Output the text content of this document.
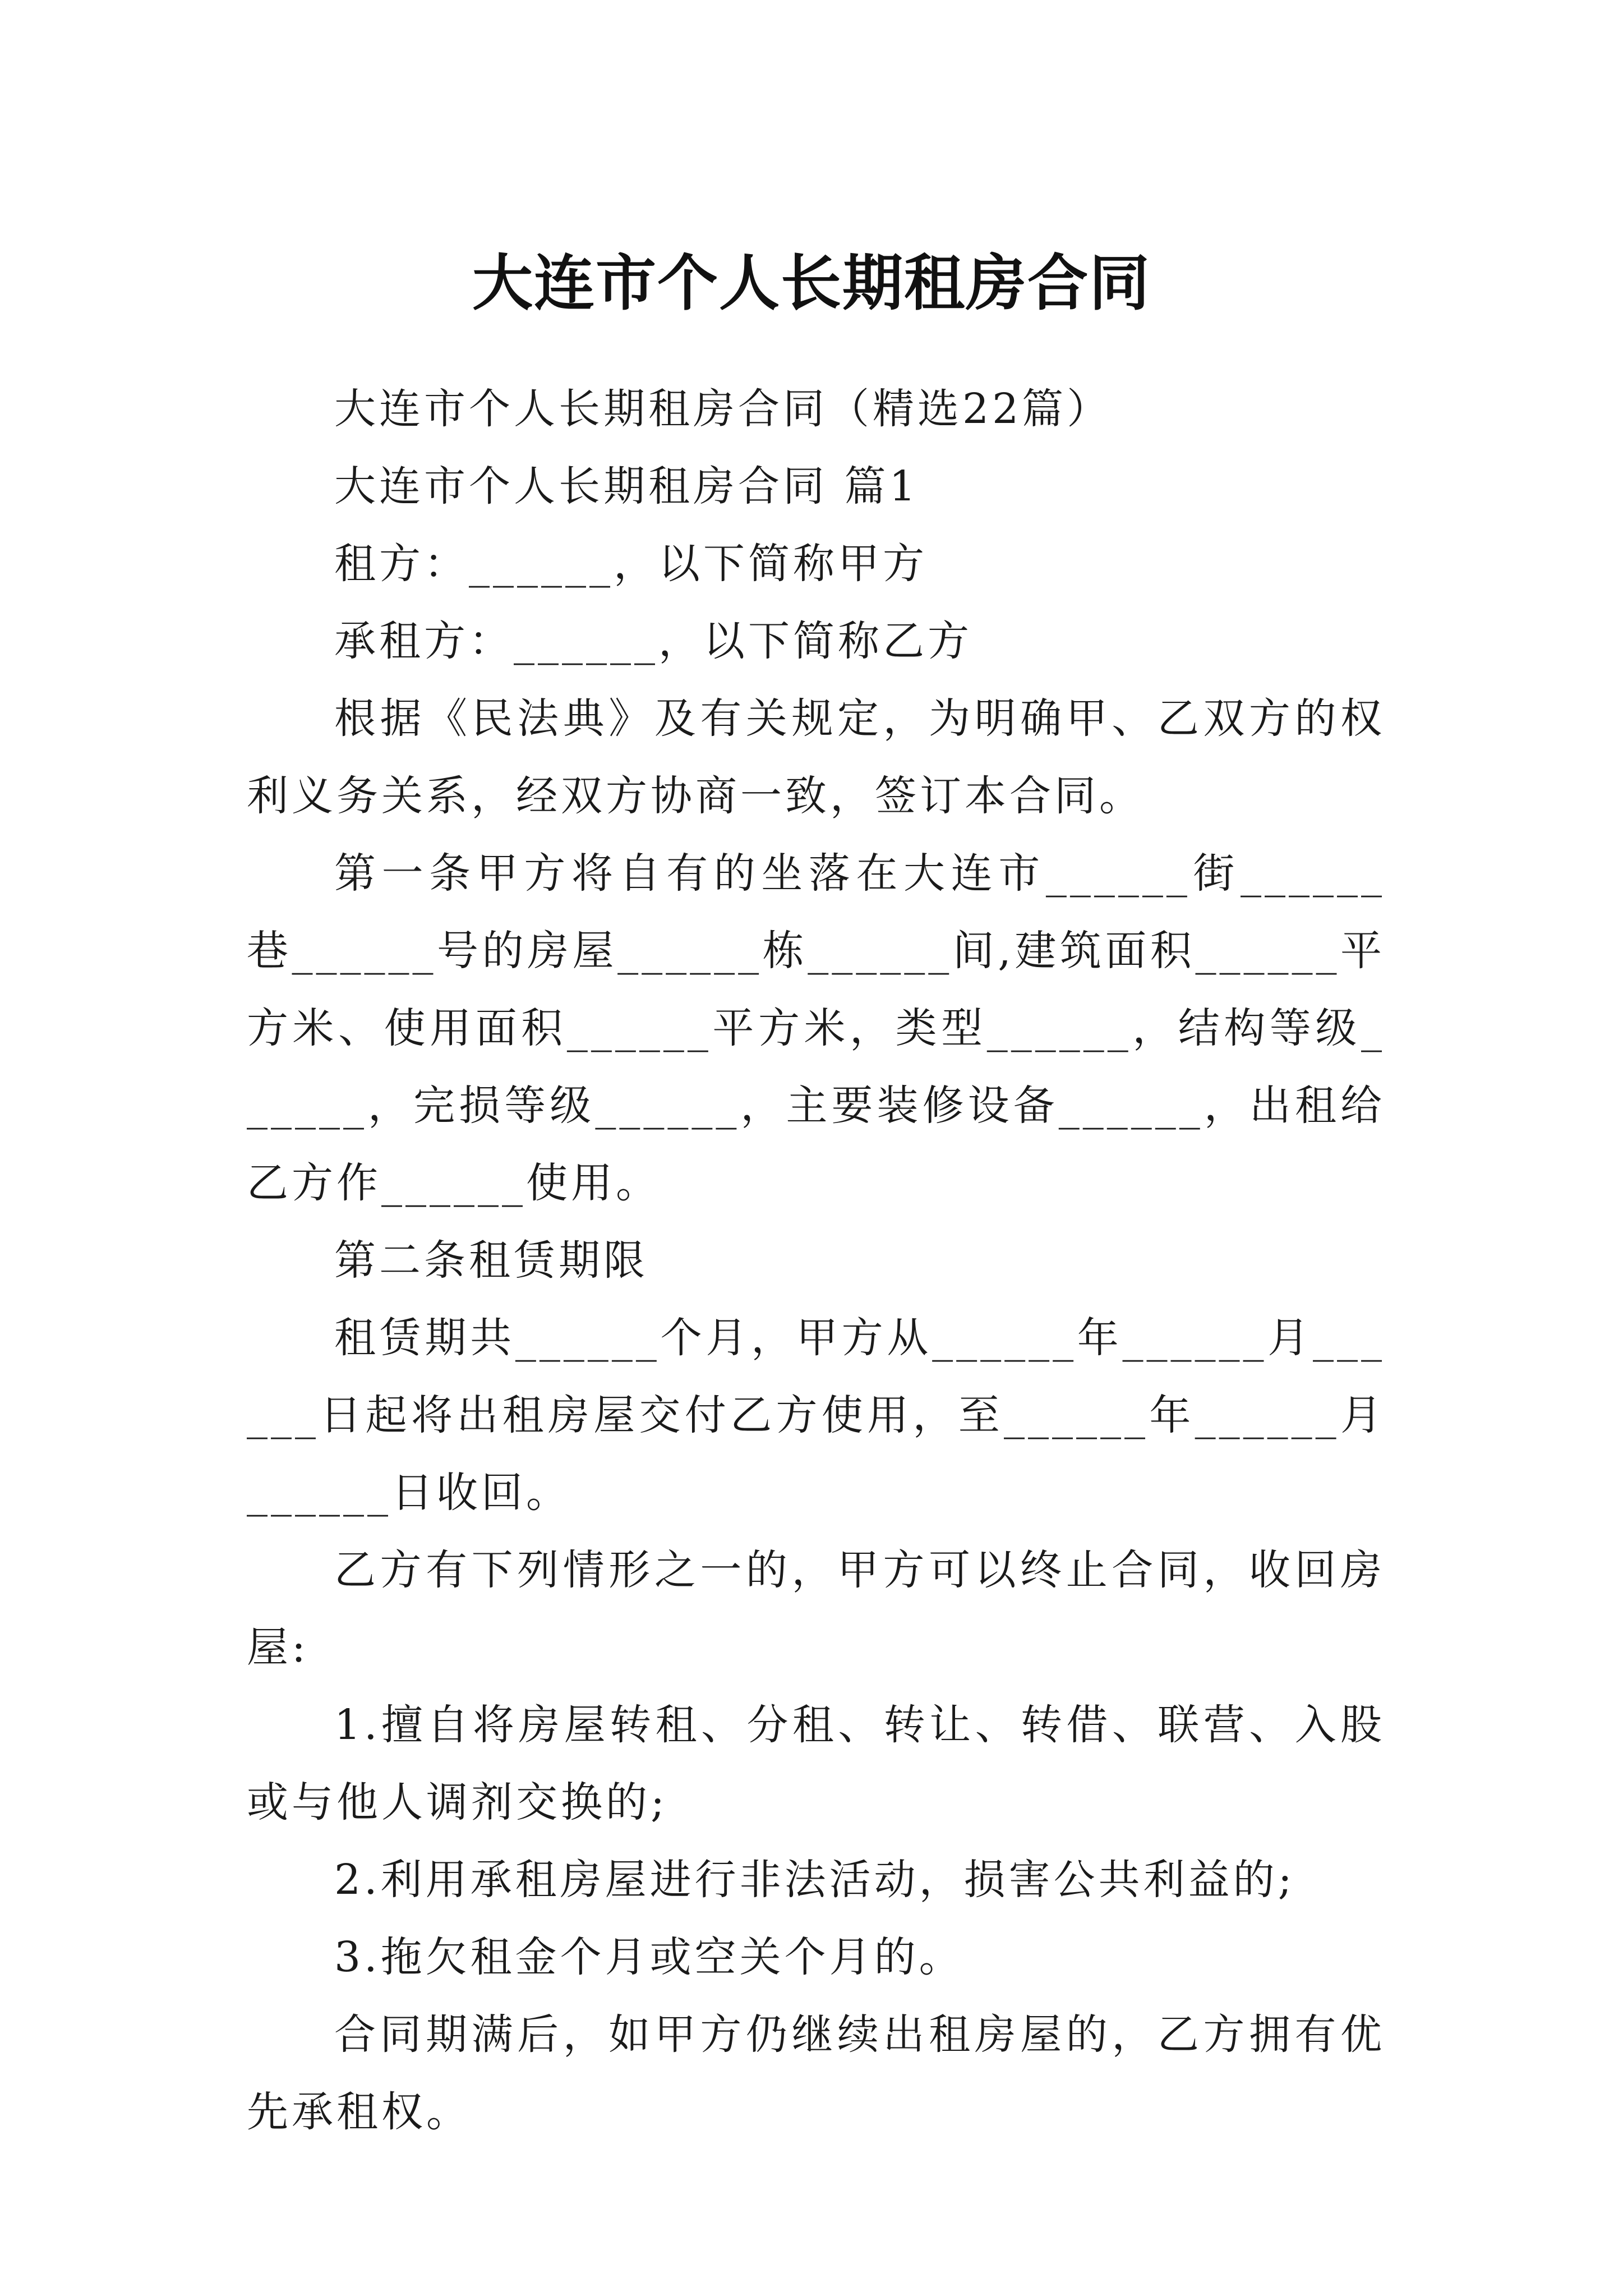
大连市个人长期租房合同

大连市个人长期租房合同（精选22篇）

大连市个人长期租房合同 篇1

租方：______，以下简称甲方

承租方：______，以下简称乙方

根据《民法典》及有关规定，为明确甲、乙双方的权利义务关系，经双方协商一致，签订本合同。

第一条甲方将自有的坐落在大连市______街______巷______号的房屋______栋______间,建筑面积______平方米、使用面积______平方米，类型______，结构等级______，完损等级______，主要装修设备______，出租给乙方作______使用。

第二条租赁期限

租赁期共______个月，甲方从______年______月______日起将出租房屋交付乙方使用，至______年______月______日收回。

乙方有下列情形之一的，甲方可以终止合同，收回房屋:

1.擅自将房屋转租、分租、转让、转借、联营、入股或与他人调剂交换的;

2.利用承租房屋进行非法活动，损害公共利益的;

3.拖欠租金个月或空关个月的。

合同期满后，如甲方仍继续出租房屋的，乙方拥有优先承租权。
